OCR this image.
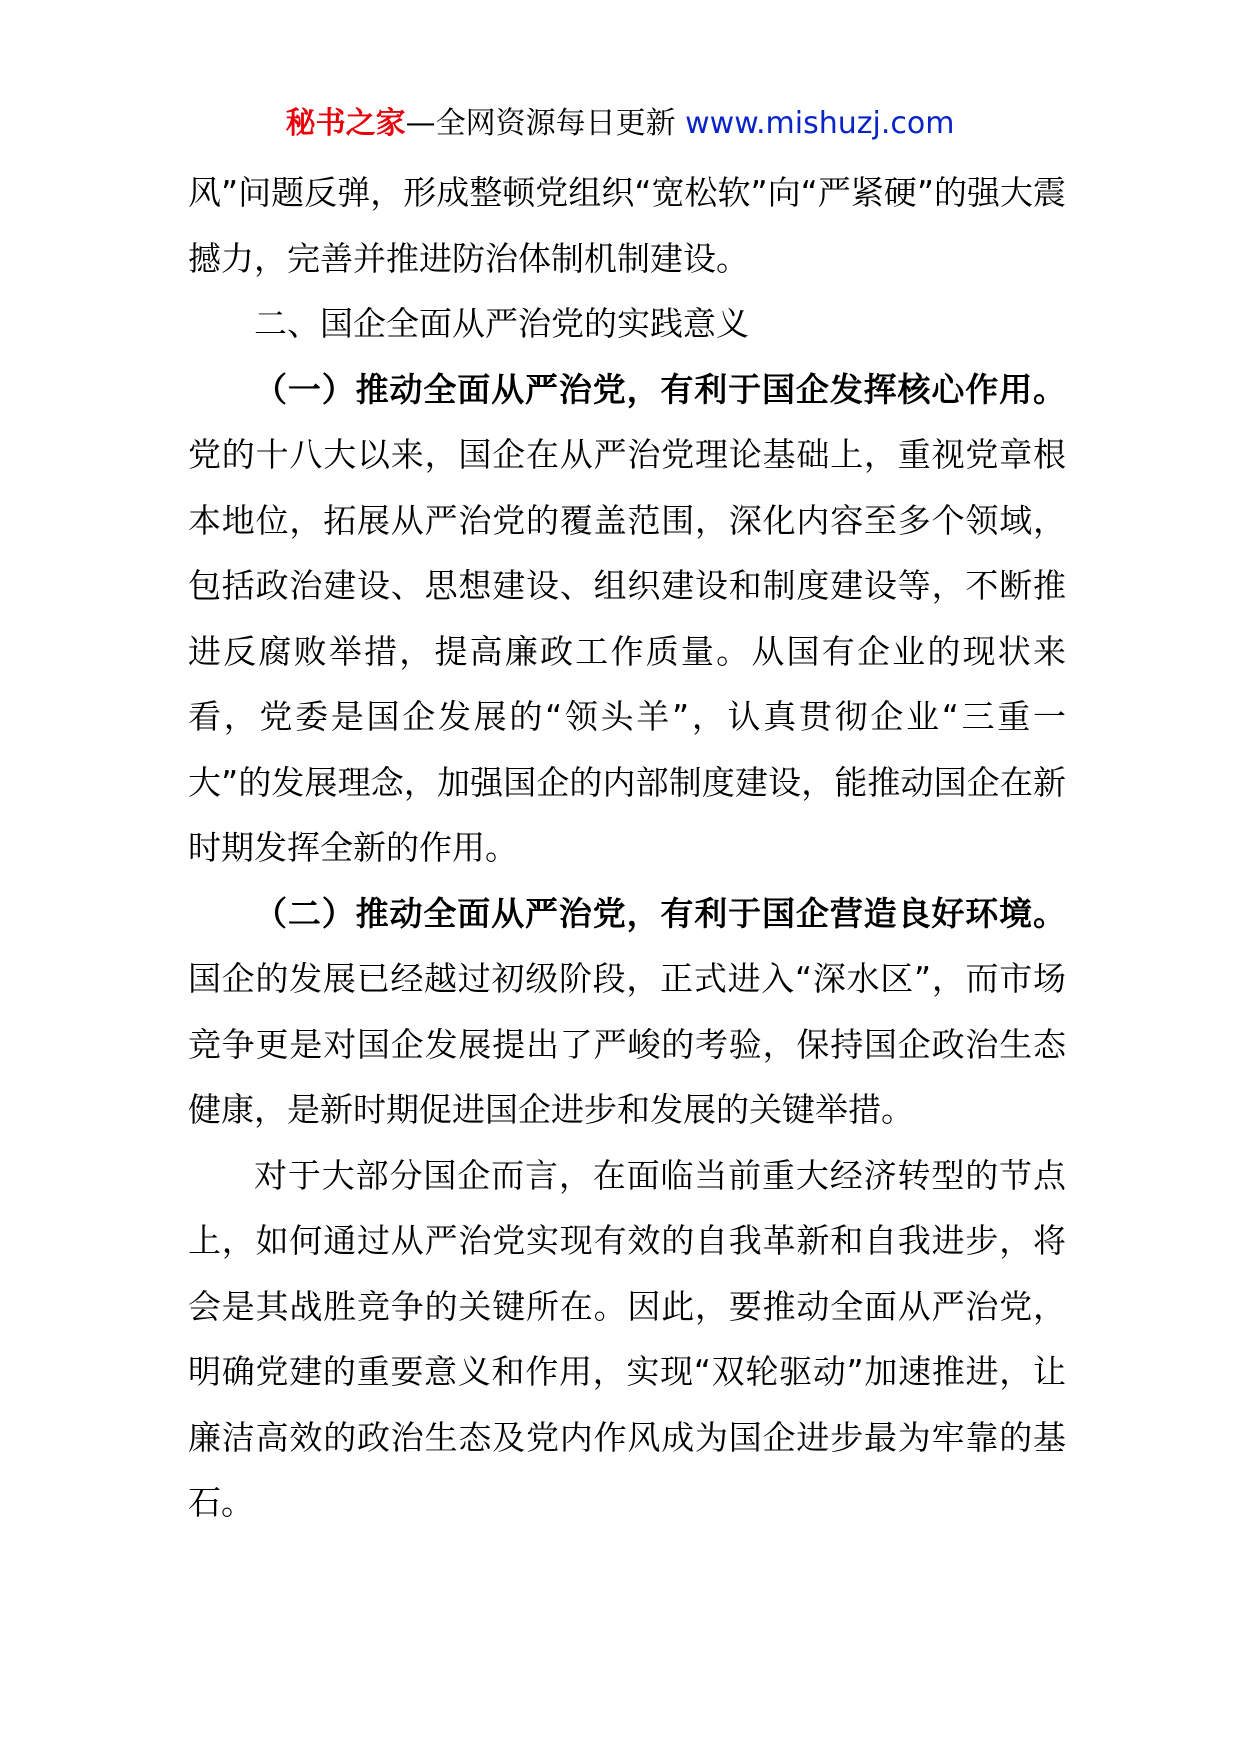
秘书之家—全网资源每日更新 www.mishuzj.com

风”问题反弹，形成整顿党组织“宽松软”向“严紧硬”的强大震撼力，完善并推进防治体制机制建设。

二、国企全面从严治党的实践意义

（一）推动全面从严治党，有利于国企发挥核心作用。党的十八大以来，国企在从严治党理论基础上，重视党章根本地位，拓展从严治党的覆盖范围，深化内容至多个领域，包括政治建设、思想建设、组织建设和制度建设等，不断推进反腐败举措，提高廉政工作质量。从国有企业的现状来看，党委是国企发展的“领头羊”，认真贯彻企业“三重一大”的发展理念，加强国企的内部制度建设，能推动国企在新时期发挥全新的作用。

（二）推动全面从严治党，有利于国企营造良好环境。国企的发展已经越过初级阶段，正式进入“深水区”，而市场竞争更是对国企发展提出了严峻的考验，保持国企政治生态健康，是新时期促进国企进步和发展的关键举措。

对于大部分国企而言，在面临当前重大经济转型的节点上，如何通过从严治党实现有效的自我革新和自我进步，将会是其战胜竞争的关键所在。因此，要推动全面从严治党，明确党建的重要意义和作用，实现“双轮驱动”加速推进，让廉洁高效的政治生态及党内作风成为国企进步最为牢靠的基石。
